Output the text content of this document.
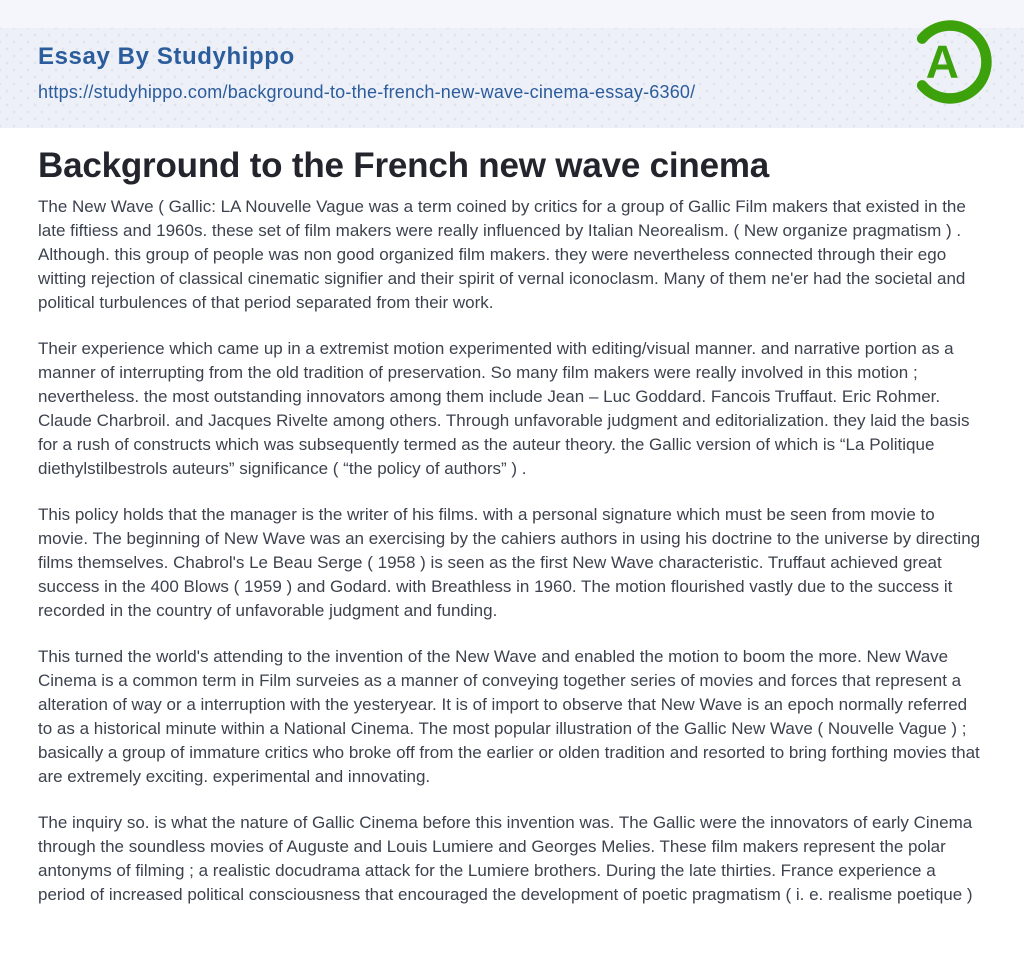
Essay By Studyhippo
https://studyhippo.com/background-to-the-french-new-wave-cinema-essay-6360/
A
Background to the French new wave cinema

The New Wave ( Gallic: LA Nouvelle Vague was a term coined by critics for a group of Gallic Film makers that existed in the late fiftiess and 1960s. these set of film makers were really influenced by Italian Neorealism. ( New organize pragmatism ) . Although. this group of people was non good organized film makers. they were nevertheless connected through their ego witting rejection of classical cinematic signifier and their spirit of vernal iconoclasm. Many of them ne'er had the societal and political turbulences of that period separated from their work.

Their experience which came up in a extremist motion experimented with editing/visual manner. and narrative portion as a manner of interrupting from the old tradition of preservation. So many film makers were really involved in this motion ; nevertheless. the most outstanding innovators among them include Jean – Luc Goddard. Fancois Truffaut. Eric Rohmer. Claude Charbroil. and Jacques Rivelte among others. Through unfavorable judgment and editorialization. they laid the basis for a rush of constructs which was subsequently termed as the auteur theory. the Gallic version of which is “La Politique diethylstilbestrols auteurs” significance ( “the policy of authors” ) .

This policy holds that the manager is the writer of his films. with a personal signature which must be seen from movie to movie. The beginning of New Wave was an exercising by the cahiers authors in using his doctrine to the universe by directing films themselves. Chabrol's Le Beau Serge ( 1958 ) is seen as the first New Wave characteristic. Truffaut achieved great success in the 400 Blows ( 1959 ) and Godard. with Breathless in 1960. The motion flourished vastly due to the success it recorded in the country of unfavorable judgment and funding.

This turned the world's attending to the invention of the New Wave and enabled the motion to boom the more. New Wave Cinema is a common term in Film surveies as a manner of conveying together series of movies and forces that represent a alteration of way or a interruption with the yesteryear. It is of import to observe that New Wave is an epoch normally referred to as a historical minute within a National Cinema. The most popular illustration of the Gallic New Wave ( Nouvelle Vague ) ; basically a group of immature critics who broke off from the earlier or olden tradition and resorted to bring forthing movies that are extremely exciting. experimental and innovating.

The inquiry so. is what the nature of Gallic Cinema before this invention was. The Gallic were the innovators of early Cinema through the soundless movies of Auguste and Louis Lumiere and Georges Melies. These film makers represent the polar antonyms of filming ; a realistic docudrama attack for the Lumiere brothers. During the late thirties. France experience a period of increased political consciousness that encouraged the development of poetic pragmatism ( i. e. realisme poetique )
